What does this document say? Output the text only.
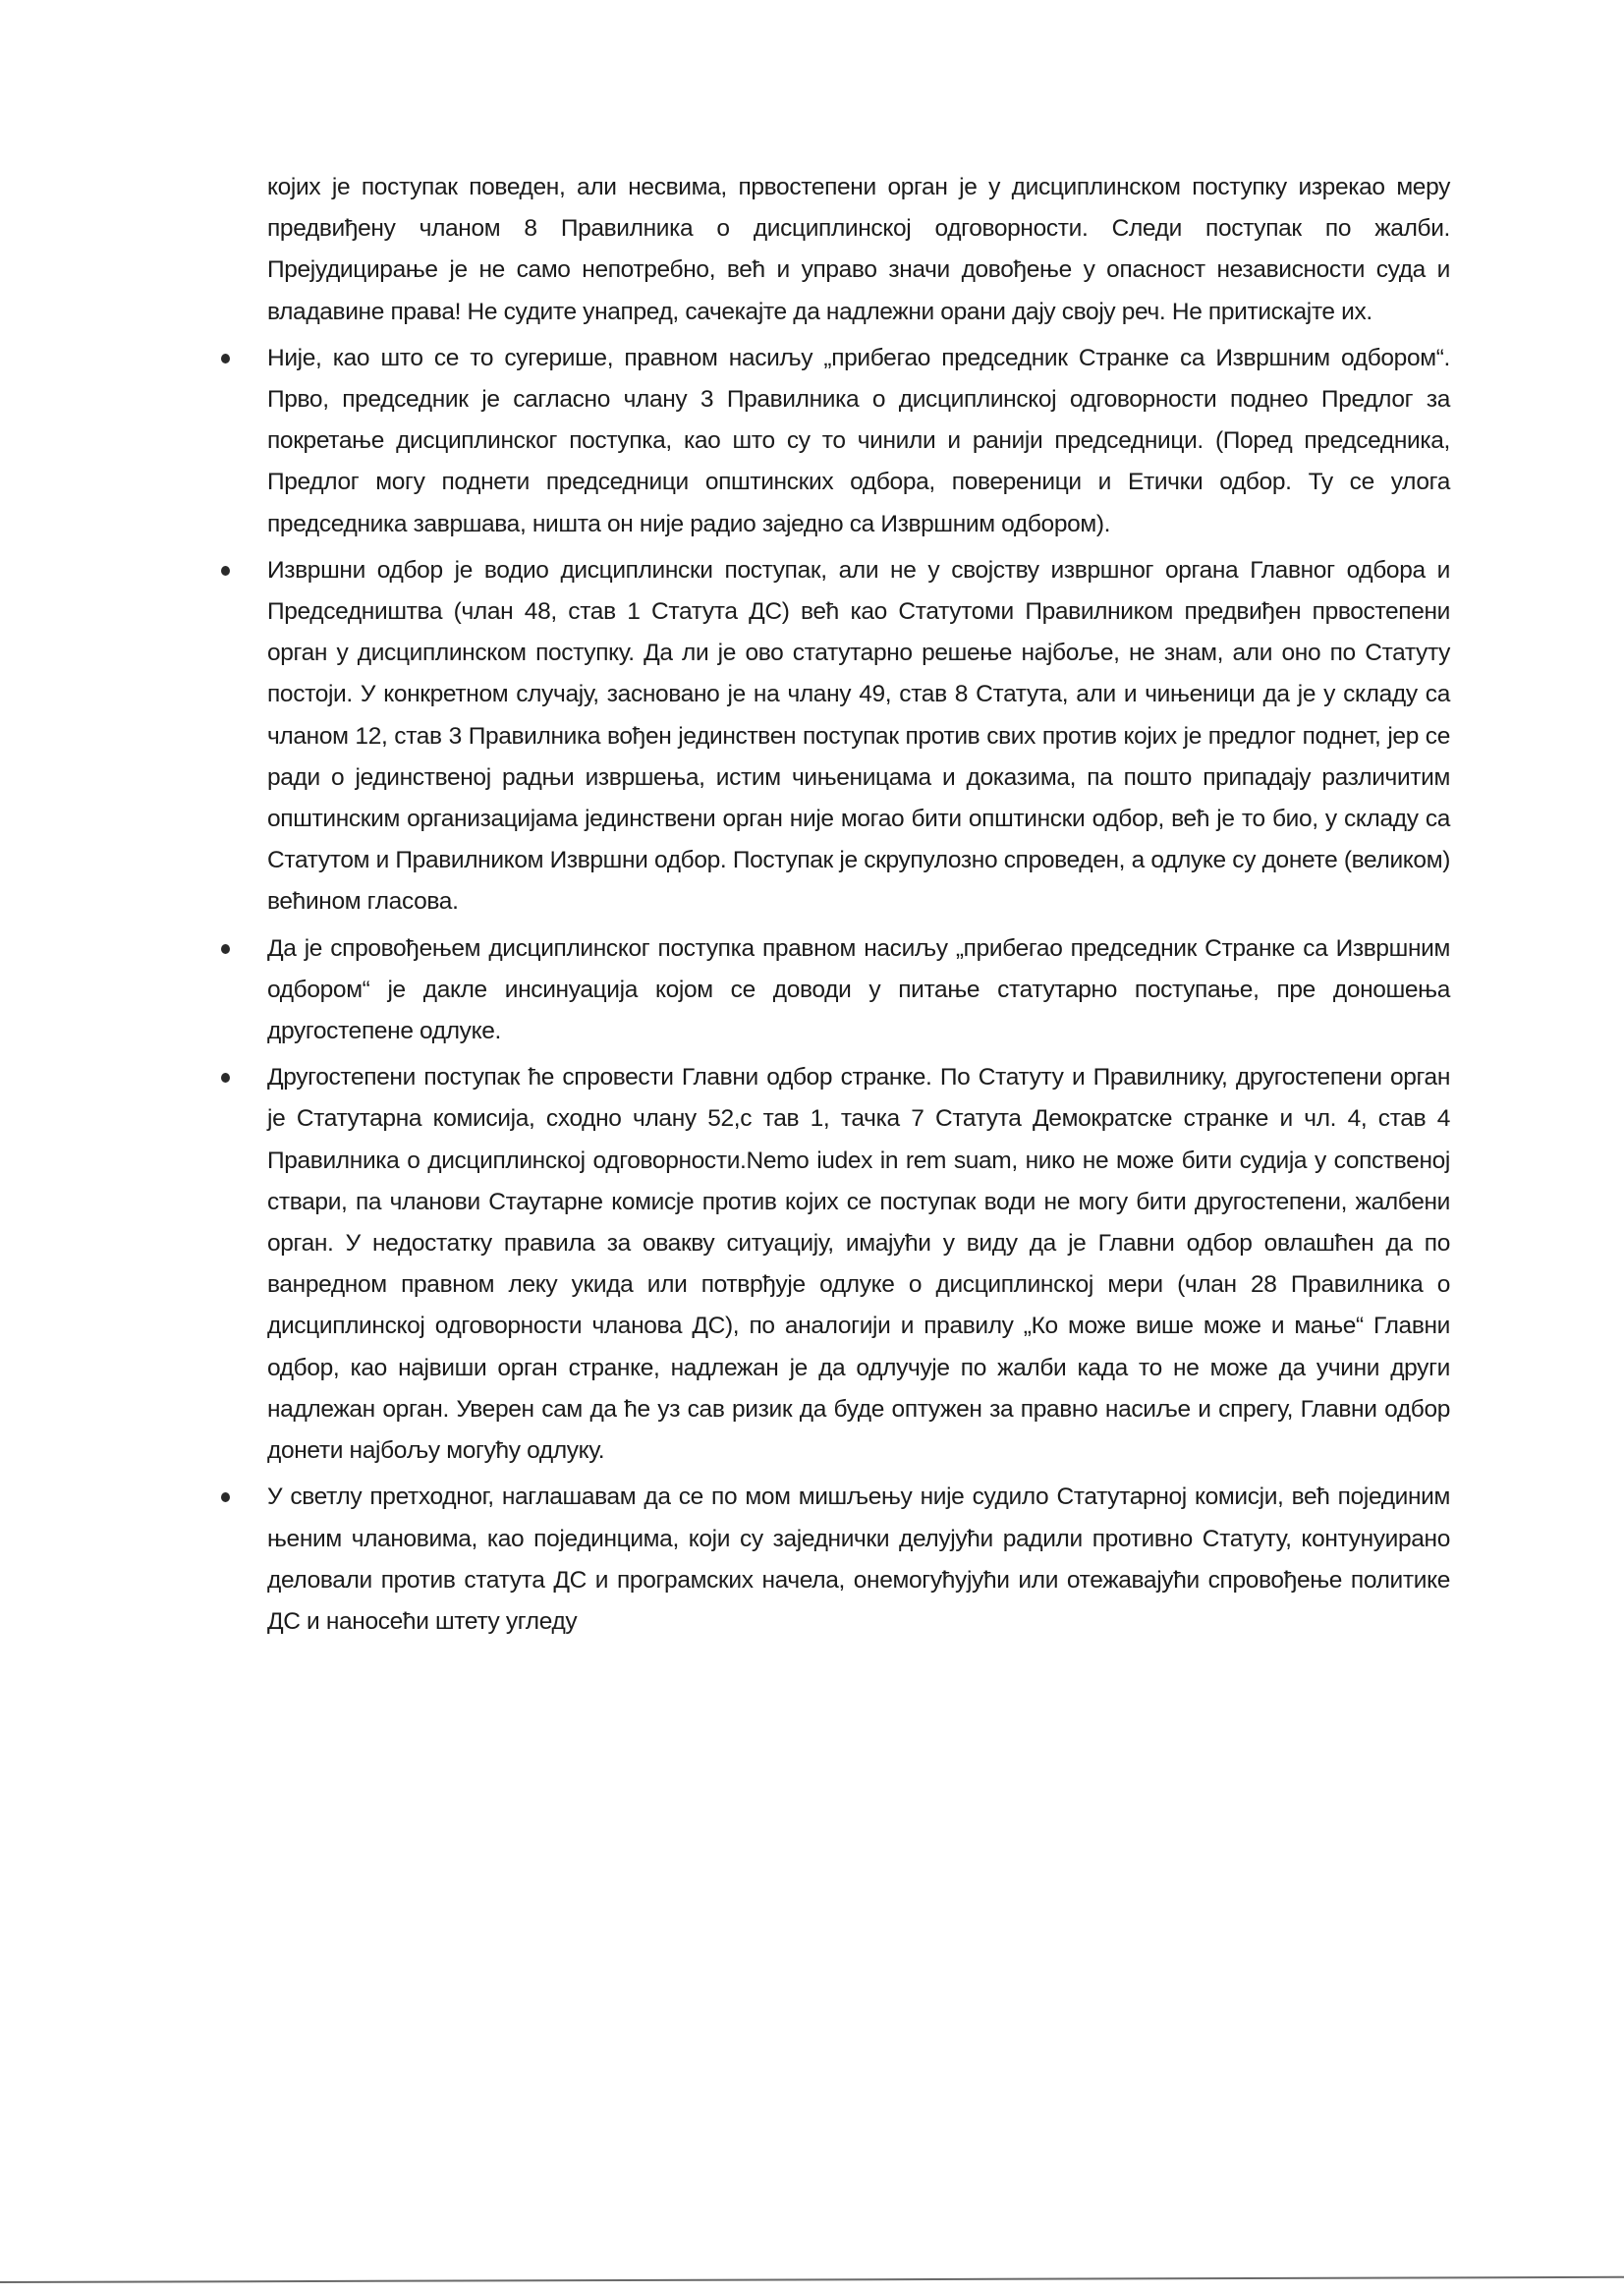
којих је поступак поведен, али несвима, првостепени орган је у дисциплинском поступку изрекао меру предвиђену чланом 8 Правилника о дисциплинској одговорности. Следи поступак по жалби. Прејудицирање је не само непотребно, већ и управо значи довођење у опасност независности суда и владавине права! Не судите унапред, сачекајте да надлежни орани дају своју реч. Не притискајте их.

Није, као што се то сугерише, правном насиљу „прибегао председник Странке са Извршним одбором“. Прво, председник је сагласно члану 3 Правилника о дисциплинској одговорности поднео Предлог за покретање дисциплинског поступка, као што су то чинили и ранији председници. (Поред председника, Предлог могу поднети председници општинских одбора, повереници и Етички одбор. Ту се улога председника завршава, ништа он није радио заједно са Извршним одбором).
Извршни одбор је водио дисциплински поступак, али не у својству извршног органа Главног одбора и Председништва (члан 48, став 1 Статута ДС) већ као Статутоми Правилником предвиђен првостепени орган у дисциплинском поступку. Да ли је ово статутарно решење најбоље, не знам, али оно по Статуту постоји. У конкретном случају, засновано је на члану 49, став 8 Статута, али и чињеници да је у складу са чланом 12, став 3 Правилника вођен јединствен поступак против свих против којих је предлог поднет, јер се ради о јединственој радњи извршења, истим чињеницама и доказима, па пошто припадају различитим општинским организацијама јединствени орган није могао бити општински одбор, већ је то био, у складу са Статутом и Правилником Извршни одбор. Поступак је скрупулозно спроведен, а одлуке су донете (великом) већином гласова.
Да је спровођењем дисциплинског поступка правном насиљу „прибегао председник Странке са Извршним одбором“ је дакле инсинуација којом се доводи у питање статутарно поступање, пре доношења другостепене одлуке.
Другостепени поступак ће спровести Главни одбор странке. По Статуту и Правилнику, другостепени орган је Статутарна комисија, сходно члану 52,с тав 1, тачка 7 Статута Демократске странке и чл. 4, став 4 Правилника о дисциплинској одговорности.Nemo iudex in rem suam, нико не може бити судија у сопственој ствари, па чланови Стаутарне комисје против којих се поступак води не могу бити другостепени, жалбени орган. У недостатку правила за овакву ситуацију, имајући у виду да је Главни одбор овлашћен да по ванредном правном леку укида или потврђује одлуке о дисциплинској мери (члан 28 Правилника о дисциплинској одговорности чланова ДС), по аналогији и правилу „Ко може више може и мање“ Главни одбор, као највиши орган странке, надлежан је да одлучује по жалби када то не може да учини други надлежан орган. Уверен сам да ће уз сав ризик да буде оптужен за правно насиље и спрегу, Главни одбор донети најбољу могућу одлуку.
У светлу претходног, наглашавам да се по мом мишљењу није судило Статутарној комисји, већ појединим њеним члановима, као појединцима, који су заједнички делујући радили противно Статуту, контунуирано деловали против статута ДС и програмских начела, онемогућујући или отежавајући спровођење политике ДС и наносећи штету угледу
